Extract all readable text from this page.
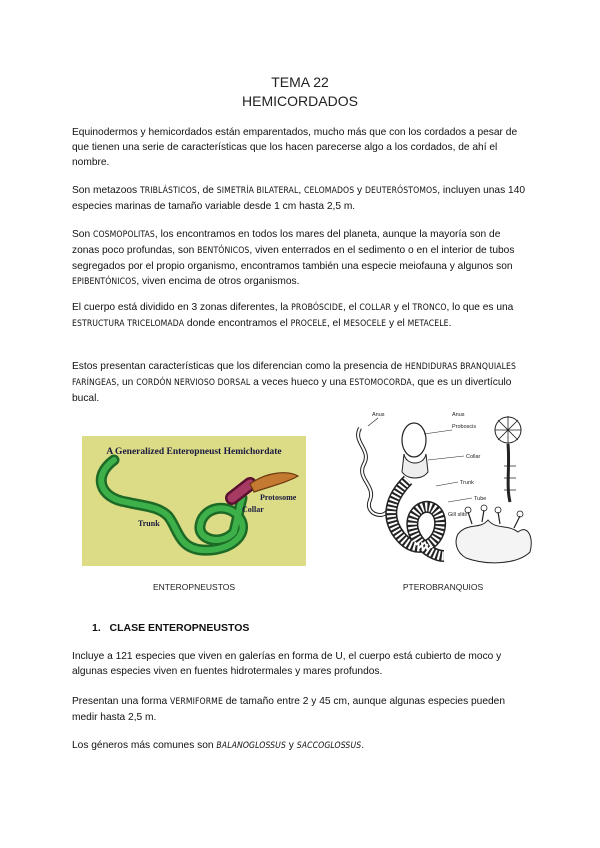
TEMA 22
HEMICORDADOS
Equinodermos y hemicordados están emparentados, mucho más que con los cordados a pesar de que tienen una serie de características que los hacen parecerse algo a los cordados, de ahí el nombre.
Son metazoos TRIBLÁSTICOS, de SIMETRÍA BILATERAL, CELOMADOS y DEUTERÓSTOMOS, incluyen unas 140 especies marinas de tamaño variable desde 1 cm hasta 2,5 m.
Son COSMOPOLITAS, los encontramos en todos los mares del planeta, aunque la mayoría son de zonas poco profundas, son BENTÓNICOS, viven enterrados en el sedimento o en el interior de tubos segregados por el propio organismo, encontramos también una especie meiofauna y algunos son EPIBENTÓNICOS, viven encima de otros organismos.
El cuerpo está dividido en 3 zonas diferentes, la PROBÓSCIDE, el COLLAR y el TRONCO, lo que es una ESTRUCTURA TRICELOMADA donde encontramos el PROCELE, el MESOCELE y el METACELE.
Estos presentan características que los diferencian como la presencia de HENDIDURAS BRANQUIALES FARÍNGEAS, un CORDÓN NERVIOSO DORSAL a veces hueco y una ESTOMOCORDA, que es un divertículo bucal.
A Generalized Enteropneust Hemichordate
Trunk
Collar
Protosome
ENTEROPNEUSTOS
Anus
Proboscis
Anus
Collar
Trunk
Tube
Gill slits
PTEROBRANQUIOS
1. CLASE ENTEROPNEUSTOS
Incluye a 121 especies que viven en galerías en forma de U, el cuerpo está cubierto de moco y algunas especies viven en fuentes hidrotermales y mares profundos.
Presentan una forma VERMIFORME de tamaño entre 2 y 45 cm, aunque algunas especies pueden medir hasta 2,5 m.
Los géneros más comunes son BALANOGLOSSUS y SACCOGLOSSUS.
